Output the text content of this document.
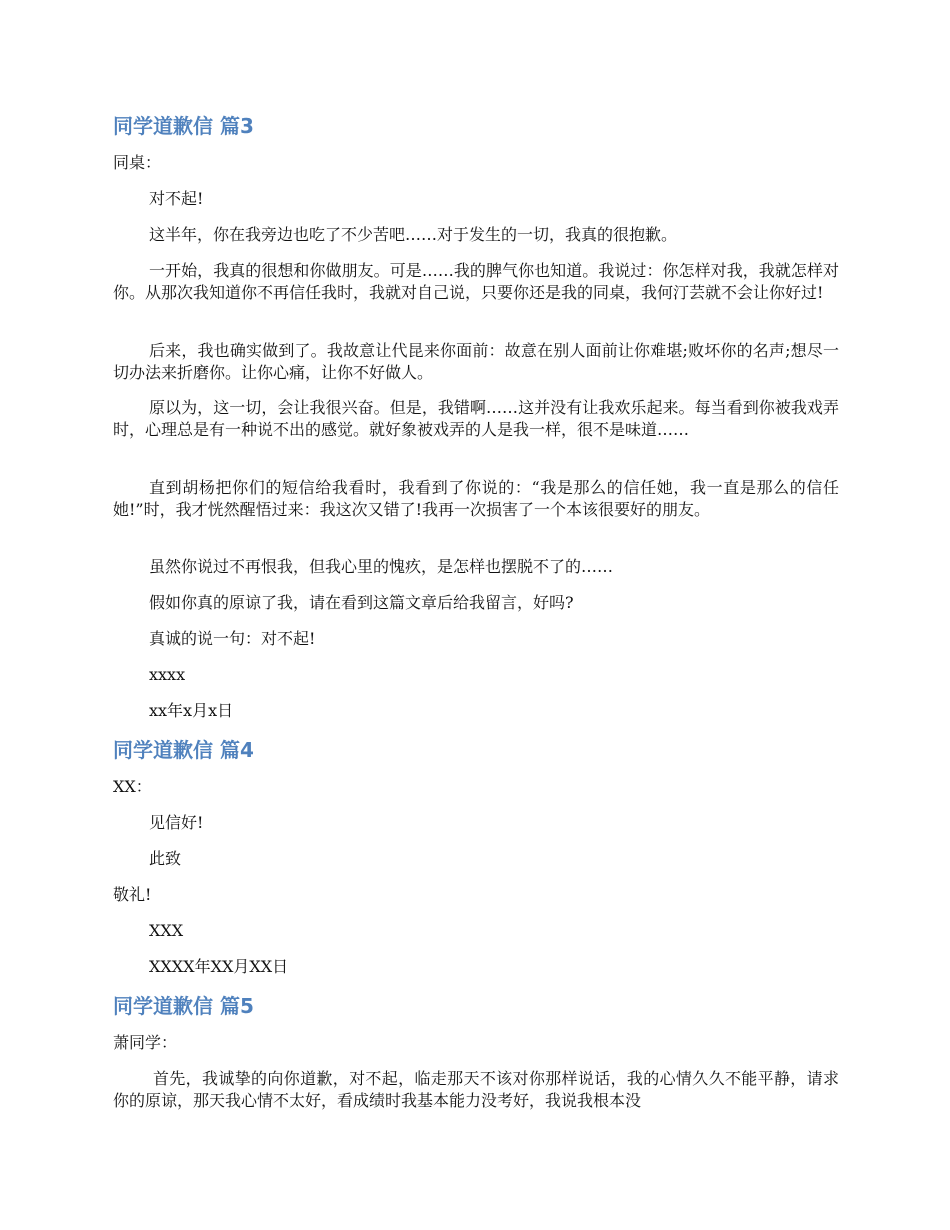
同学道歉信 篇3

同桌：

对不起!

这半年，你在我旁边也吃了不少苦吧……对于发生的一切，我真的很抱歉。

一开始，我真的很想和你做朋友。可是……我的脾气你也知道。我说过：你怎样对我，我就怎样对你。从那次我知道你不再信任我时，我就对自己说，只要你还是我的同桌，我何汀芸就不会让你好过!

后来，我也确实做到了。我故意让代昆来你面前：故意在别人面前让你难堪;败坏你的名声;想尽一切办法来折磨你。让你心痛，让你不好做人。

原以为，这一切，会让我很兴奋。但是，我错啊……这并没有让我欢乐起来。每当看到你被我戏弄时，心理总是有一种说不出的感觉。就好象被戏弄的人是我一样，很不是味道……

直到胡杨把你们的短信给我看时，我看到了你说的：“我是那么的信任她，我一直是那么的信任她!”时，我才恍然醒悟过来：我这次又错了!我再一次损害了一个本该很要好的朋友。

虽然你说过不再恨我，但我心里的愧疚，是怎样也摆脱不了的……

假如你真的原谅了我，请在看到这篇文章后给我留言，好吗?

真诚的说一句：对不起!

xxxx

xx年x月x日

同学道歉信 篇4

XX：

见信好!

此致

敬礼!

XXX

XXXX年XX月XX日

同学道歉信 篇5

萧同学：

首先，我诚挚的向你道歉，对不起，临走那天不该对你那样说话，我的心情久久不能平静，请求你的原谅，那天我心情不太好，看成绩时我基本能力没考好，我说我根本没
